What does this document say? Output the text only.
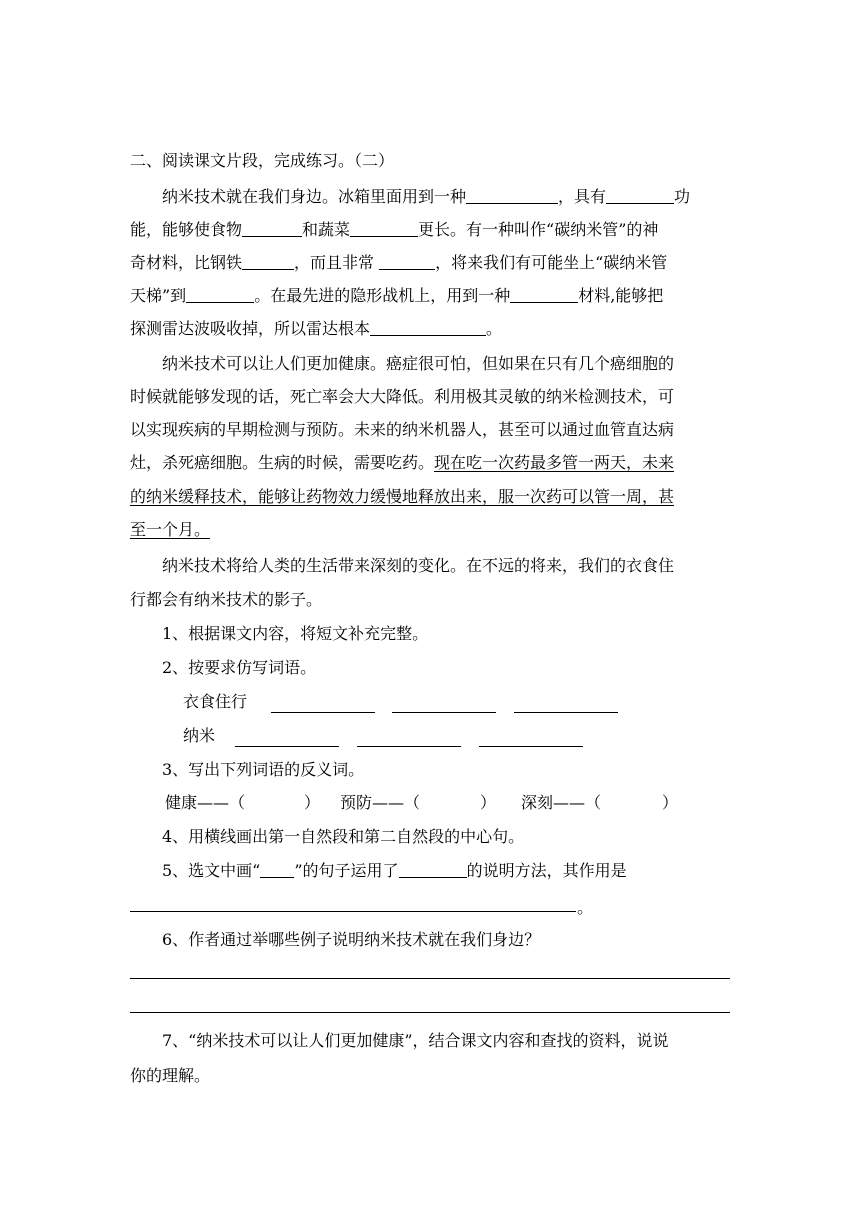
二、阅读课文片段，完成练习。（二）
纳米技术就在我们身边。冰箱里面用到一种	，具有	功
能，能够使食物	和蔬菜	更长。有一种叫作“碳纳米管”的神
奇材料，比钢铁	，而且非常	，将来我们有可能坐上“碳纳米管
天梯”到	。在最先进的隐形战机上，用到一种	材料,能够把
探测雷达波吸收掉，所以雷达根本	。
纳米技术可以让人们更加健康。癌症很可怕，但如果在只有几个癌细胞的
时候就能够发现的话，死亡率会大大降低。利用极其灵敏的纳米检测技术，可
以实现疾病的早期检测与预防。未来的纳米机器人，甚至可以通过血管直达病
灶，杀死癌细胞。生病的时候，需要吃药。现在吃一次药最多管一两天，未来
的纳米缓释技术，能够让药物效力缓慢地释放出来，服一次药可以管一周，甚
至一个月。
纳米技术将给人类的生活带来深刻的变化。在不远的将来，我们的衣食住
行都会有纳米技术的影子。
1、根据课文内容，将短文补充完整。
2、按要求仿写词语。
衣食住行
纳米
3、写出下列词语的反义词。
健康——（	） 预防——（	） 深刻——（	）
4、用横线画出第一自然段和第二自然段的中心句。
5、选文中画“ ”的句子运用了	的说明方法，其作用是
。
6、作者通过举哪些例子说明纳米技术就在我们身边？
7、“纳米技术可以让人们更加健康”，结合课文内容和查找的资料，说说
你的理解。
